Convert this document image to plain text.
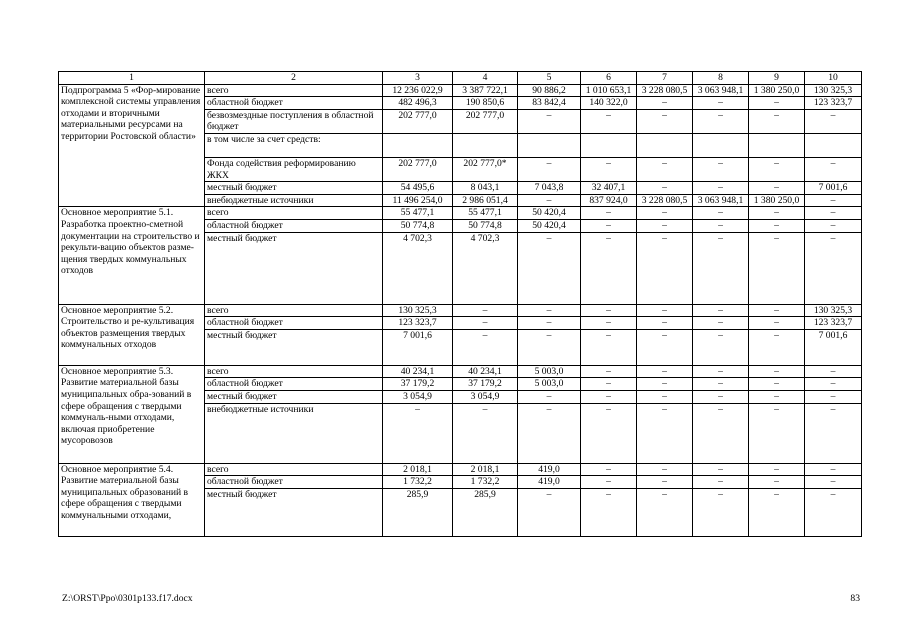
1	2	3	4	5	6	7	8	9	10
Подпрограмма 5 «Фор-мирование комплексной системы управления отходами и вторичными материальными ресурсами на территории Ростовской области»	всего	12 236 022,9	3 387 722,1	90 886,2	1 010 653,1	3 228 080,5	3 063 948,1	1 380 250,0	130 325,3
	областной бюджет	482 496,3	190 850,6	83 842,4	140 322,0	–	–	–	123 323,7
	безвозмездные поступления в областной бюджет	202 777,0	202 777,0	–	–	–	–	–	–
	в том числе за счет средств:								
	Фонда содействия реформированию ЖКХ	202 777,0	202 777,0*	–	–	–	–	–	–
	местный бюджет	54 495,6	8 043,1	7 043,8	32 407,1	–	–	–	7 001,6
	внебюджетные источники	11 496 254,0	2 986 051,4	–	837 924,0	3 228 080,5	3 063 948,1	1 380 250,0	–
Основное мероприятие 5.1. Разработка проектно-сметной документации на строительство и рекульти-вацию объектов разме-щения твердых коммунальных отходов	всего	55 477,1	55 477,1	50 420,4	–	–	–	–	–
	областной бюджет	50 774,8	50 774,8	50 420,4	–	–	–	–	–
	местный бюджет	4 702,3	4 702,3	–	–	–	–	–	–
Основное мероприятие 5.2. Строительство и ре-культивация объектов размещения твердых коммунальных отходов	всего	130 325,3	–	–	–	–	–	–	130 325,3
	областной бюджет	123 323,7	–	–	–	–	–	–	123 323,7
	местный бюджет	7 001,6	–	–	–	–	–	–	7 001,6
Основное мероприятие 5.3. Развитие материальной базы муниципальных обра-зований в сфере обращения с твердыми коммуналь-ными отходами, включая приобретение мусоровозов	всего	40 234,1	40 234,1	5 003,0	–	–	–	–	–
	областной бюджет	37 179,2	37 179,2	5 003,0	–	–	–	–	–
	местный бюджет	3 054,9	3 054,9	–	–	–	–	–	–
	внебюджетные источники	–	–	–	–	–	–	–	–
Основное мероприятие 5.4. Развитие материальной базы муниципальных образований в сфере обращения с твердыми коммунальными отходами,	всего	2 018,1	2 018,1	419,0	–	–	–	–	–
	областной бюджет	1 732,2	1 732,2	419,0	–	–	–	–	–
	местный бюджет	285,9	285,9	–	–	–	–	–	–
Z:\ORST\Ppo\0301p133.f17.docx	83
